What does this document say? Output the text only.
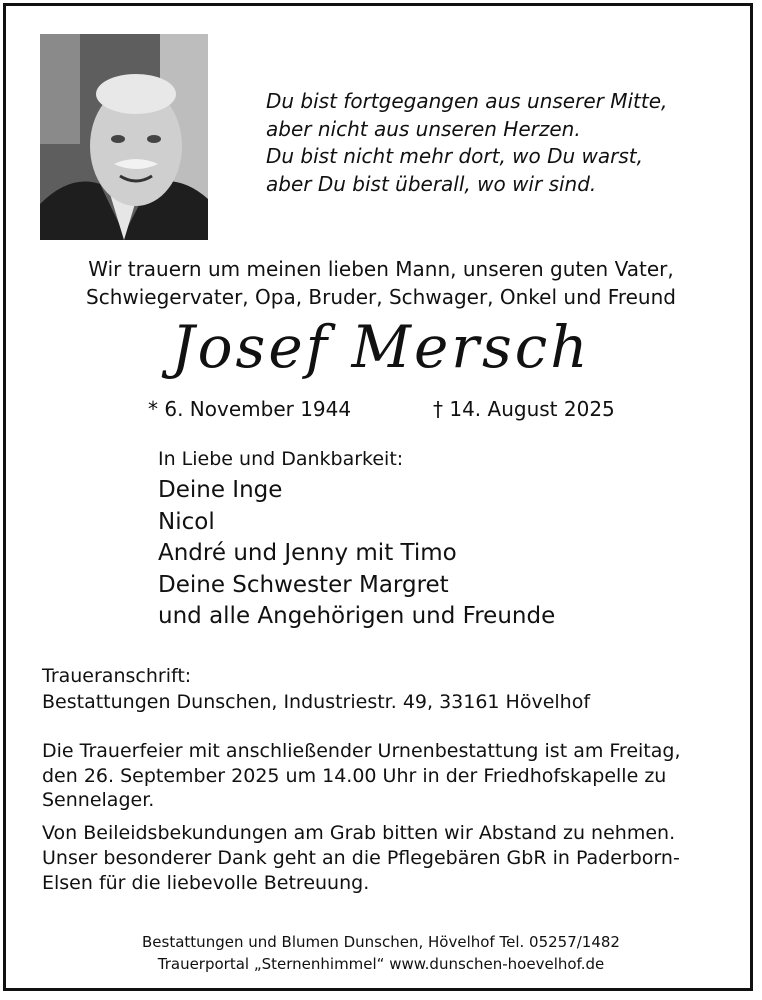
Du bist fortgegangen aus unserer Mitte,
aber nicht aus unseren Herzen.
Du bist nicht mehr dort, wo Du warst,
aber Du bist überall, wo wir sind.
Wir trauern um meinen lieben Mann, unseren guten Vater,
Schwiegervater, Opa, Bruder, Schwager, Onkel und Freund
Josef Mersch
* 6. November 1944	† 14. August 2025
In Liebe und Dankbarkeit:
Deine Inge
Nicol
André und Jenny mit Timo
Deine Schwester Margret
und alle Angehörigen und Freunde
Traueranschrift:
Bestattungen Dunschen, Industriestr. 49, 33161 Hövelhof
Die Trauerfeier mit anschließender Urnenbestattung ist am Freitag,
den 26. September 2025 um 14.00 Uhr in der Friedhofskapelle zu
Sennelager.
Von Beileidsbekundungen am Grab bitten wir Abstand zu nehmen.
Unser besonderer Dank geht an die Pflegebären GbR in Paderborn-
Elsen für die liebevolle Betreuung.
Bestattungen und Blumen Dunschen, Hövelhof Tel. 05257/1482
Trauerportal „Sternenhimmel“ www.dunschen-hoevelhof.de
